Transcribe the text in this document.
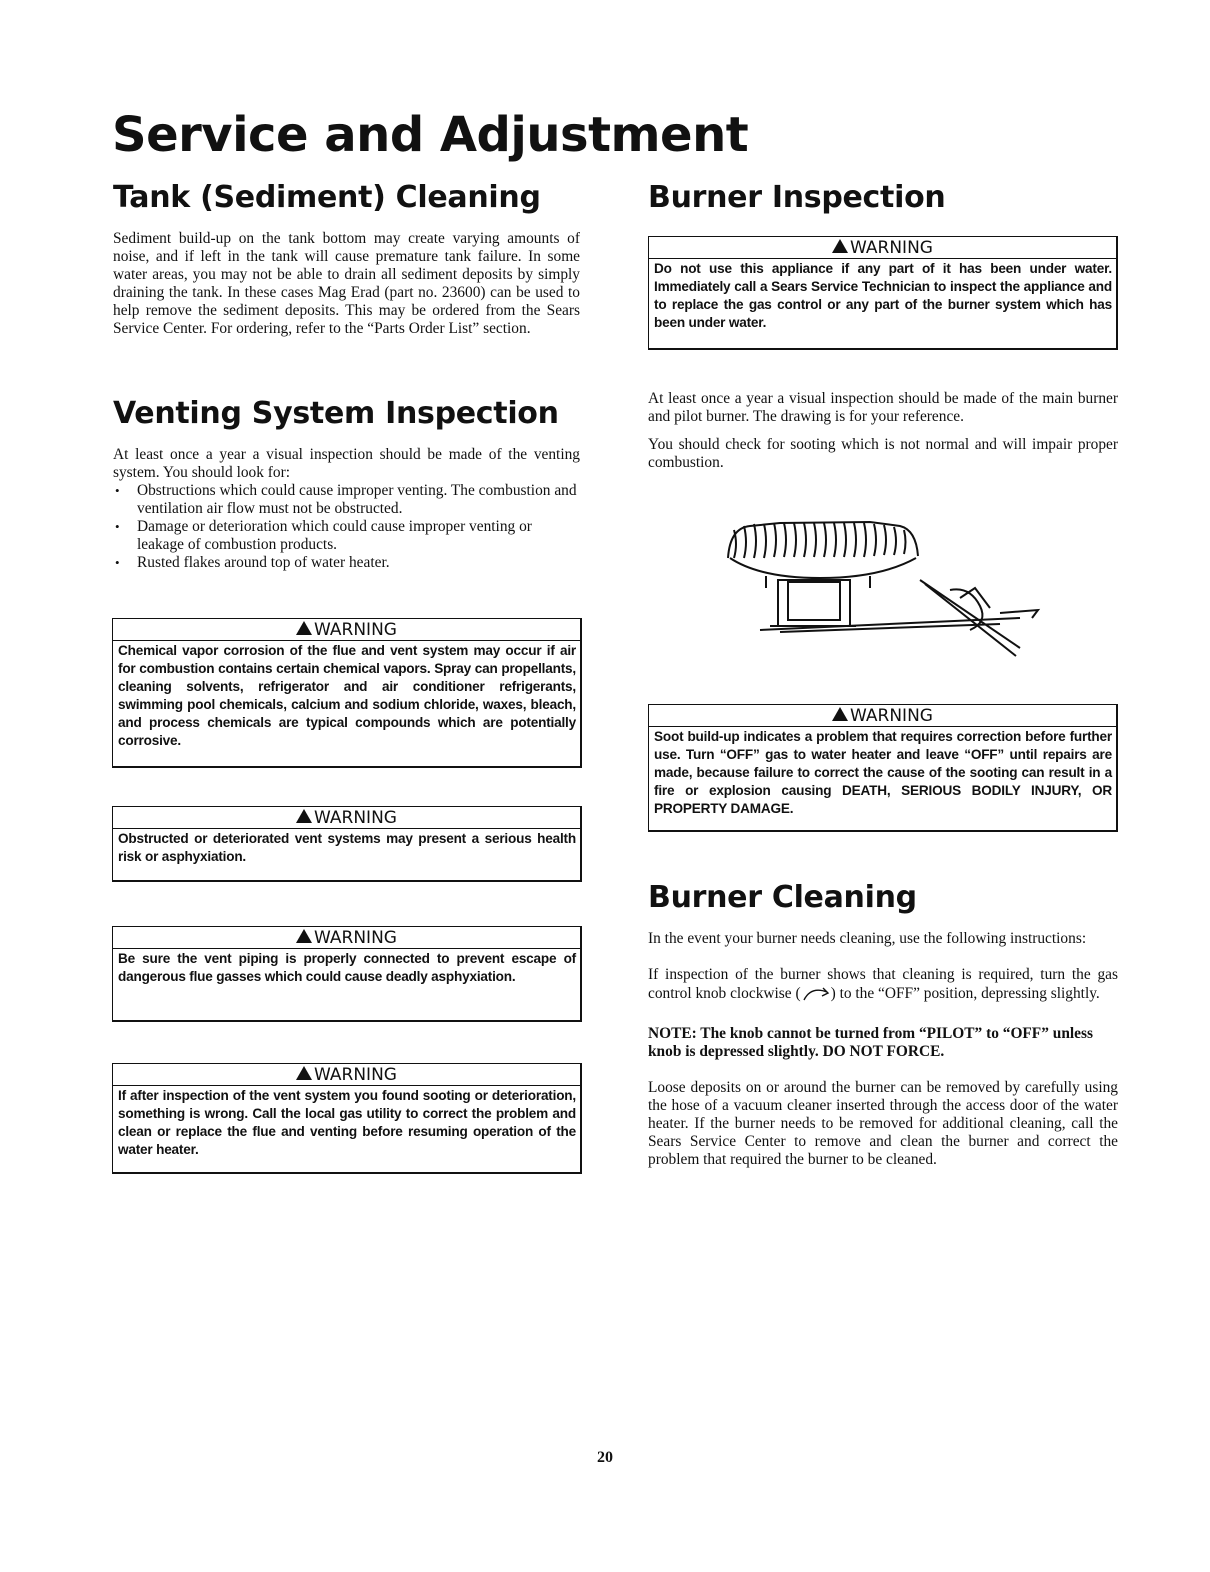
Service and Adjustment
Tank (Sediment) Cleaning

Sediment build-up on the tank bottom may create varying amounts of noise, and if left in the tank will cause premature tank failure. In some water areas, you may not be able to drain all sediment deposits by simply draining the tank. In these cases Mag Erad (part no. 23600) can be used to help remove the sediment deposits. This may be ordered from the Sears Service Center. For ordering, refer to the “Parts Order List” section.

Venting System Inspection

At least once a year a visual inspection should be made of the venting system. You should look for:

• Obstructions which could cause improper venting. The combustion and ventilation air flow must not be obstructed.
• Damage or deterioration which could cause improper venting or leakage of combustion products.
• Rusted flakes around top of water heater.
WARNING
Chemical vapor corrosion of the flue and vent system may occur if air for combustion contains certain chemical vapors. Spray can propellants, cleaning solvents, refrigerator and air conditioner refrigerants, swimming pool chemicals, calcium and sodium chloride, waxes, bleach, and process chemicals are typical compounds which are potentially corrosive.
WARNING
Obstructed or deteriorated vent systems may present a serious health risk or asphyxiation.
WARNING
Be sure the vent piping is properly connected to prevent escape of dangerous flue gasses which could cause deadly asphyxiation.
WARNING
If after inspection of the vent system you found sooting or deterioration, something is wrong. Call the local gas utility to correct the problem and clean or replace the flue and venting before resuming operation of the water heater.
Burner Inspection
WARNING
Do not use this appliance if any part of it has been under water. Immediately call a Sears Service Technician to inspect the appliance and to replace the gas control or any part of the burner system which has been under water.

At least once a year a visual inspection should be made of the main burner and pilot burner. The drawing is for your reference.

You should check for sooting which is not normal and will impair proper combustion.

WARNING
Soot build-up indicates a problem that requires correction before further use. Turn “OFF” gas to water heater and leave “OFF” until repairs are made, because failure to correct the cause of the sooting can result in a fire or explosion causing DEATH, SERIOUS BODILY INJURY, OR PROPERTY DAMAGE.
Burner Cleaning

In the event your burner needs cleaning, use the following instructions:

If inspection of the burner shows that cleaning is required, turn the gas control knob clockwise ( ) to the “OFF” position, depressing slightly.

NOTE: The knob cannot be turned from “PILOT” to “OFF” unless knob is depressed slightly. DO NOT FORCE.

Loose deposits on or around the burner can be removed by carefully using the hose of a vacuum cleaner inserted through the access door of the water heater. If the burner needs to be removed for additional cleaning, call the Sears Service Center to remove and clean the burner and correct the problem that required the burner to be cleaned.

20
